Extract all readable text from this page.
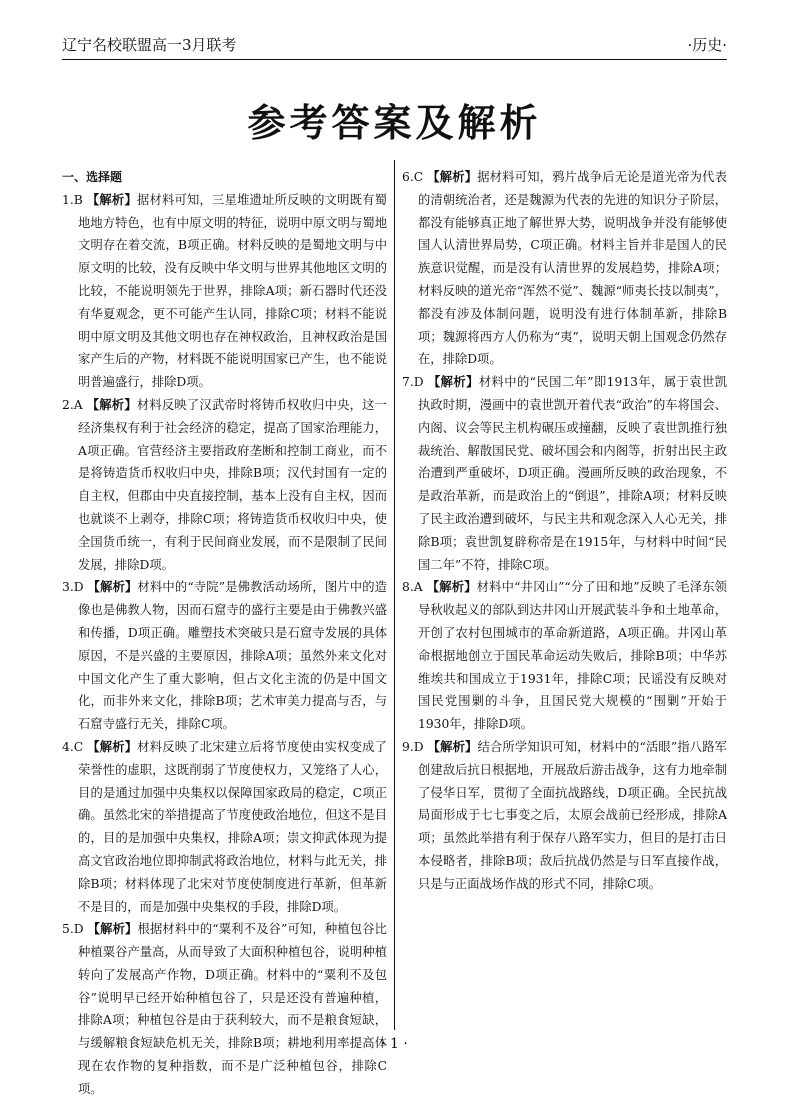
辽宁名校联盟高一3月联考	·历史·
参考答案及解析
一、选择题

1.B 【解析】据材料可知，三星堆遗址所反映的文明既有蜀地地方特色，也有中原文明的特征，说明中原文明与蜀地文明存在着交流，B项正确。材料反映的是蜀地文明与中原文明的比较，没有反映中华文明与世界其他地区文明的比较，不能说明领先于世界，排除A项；新石器时代还没有华夏观念，更不可能产生认同，排除C项；材料不能说明中原文明及其他文明也存在神权政治，且神权政治是国家产生后的产物，材料既不能说明国家已产生，也不能说明普遍盛行，排除D项。

2.A 【解析】材料反映了汉武帝时将铸币权收归中央，这一经济集权有利于社会经济的稳定，提高了国家治理能力，A项正确。官营经济主要指政府垄断和控制工商业，而不是将铸造货币权收归中央，排除B项；汉代封国有一定的自主权，但郡由中央直接控制，基本上没有自主权，因而也就谈不上剥夺，排除C项；将铸造货币权收归中央，使全国货币统一，有利于民间商业发展，而不是限制了民间发展，排除D项。

3.D 【解析】材料中的“寺院”是佛教活动场所，图片中的造像也是佛教人物，因而石窟寺的盛行主要是由于佛教兴盛和传播，D项正确。雕塑技术突破只是石窟寺发展的具体原因，不是兴盛的主要原因，排除A项；虽然外来文化对中国文化产生了重大影响，但占文化主流的仍是中国文化，而非外来文化，排除B项；艺术审美力提高与否，与石窟寺盛行无关，排除C项。

4.C 【解析】材料反映了北宋建立后将节度使由实权变成了荣誉性的虚职，这既削弱了节度使权力，又笼络了人心，目的是通过加强中央集权以保障国家政局的稳定，C项正确。虽然北宋的举措提高了节度使政治地位，但这不是目的，目的是加强中央集权，排除A项；崇文抑武体现为提高文官政治地位即抑制武将政治地位，材料与此无关，排除B项；材料体现了北宋对节度使制度进行革新，但革新不是目的，而是加强中央集权的手段，排除D项。

5.D 【解析】根据材料中的“粟利不及谷”可知，种植包谷比种植粟谷产量高，从而导致了大面积种植包谷，说明种植转向了发展高产作物，D项正确。材料中的“粟利不及包谷”说明早已经开始种植包谷了，只是还没有普遍种植，排除A项；种植包谷是由于获利较大，而不是粮食短缺，与缓解粮食短缺危机无关，排除B项；耕地利用率提高体现在农作物的复种指数，而不是广泛种植包谷，排除C项。

6.C 【解析】据材料可知，鸦片战争后无论是道光帝为代表的清朝统治者，还是魏源为代表的先进的知识分子阶层，都没有能够真正地了解世界大势，说明战争并没有能够使国人认清世界局势，C项正确。材料主旨并非是国人的民族意识觉醒，而是没有认清世界的发展趋势，排除A项；材料反映的道光帝“浑然不觉”、魏源“师夷长技以制夷”，都没有涉及体制问题，说明没有进行体制革新，排除B项；魏源将西方人仍称为“夷”，说明天朝上国观念仍然存在，排除D项。

7.D 【解析】材料中的“民国二年”即1913年，属于袁世凯执政时期，漫画中的袁世凯开着代表“政治”的车将国会、内阁、议会等民主机构碾压或撞翻，反映了袁世凯推行独裁统治、解散国民党、破坏国会和内阁等，折射出民主政治遭到严重破坏，D项正确。漫画所反映的政治现象，不是政治革新，而是政治上的“倒退”，排除A项；材料反映了民主政治遭到破坏，与民主共和观念深入人心无关，排除B项；袁世凯复辟称帝是在1915年，与材料中时间“民国二年”不符，排除C项。

8.A 【解析】材料中“井冈山”“分了田和地”反映了毛泽东领导秋收起义的部队到达井冈山开展武装斗争和土地革命，开创了农村包围城市的革命新道路，A项正确。井冈山革命根据地创立于国民革命运动失败后，排除B项；中华苏维埃共和国成立于1931年，排除C项；民谣没有反映对国民党围剿的斗争，且国民党大规模的“围剿”开始于1930年，排除D项。

9.D 【解析】结合所学知识可知，材料中的“活眼”指八路军创建敌后抗日根据地，开展敌后游击战争，这有力地牵制了侵华日军，贯彻了全面抗战路线，D项正确。全民抗战局面形成于七七事变之后，太原会战前已经形成，排除A项；虽然此举措有利于保存八路军实力，但目的是打击日本侵略者，排除B项；敌后抗战仍然是与日军直接作战，只是与正面战场作战的形式不同，排除C项。

· 1 ·
